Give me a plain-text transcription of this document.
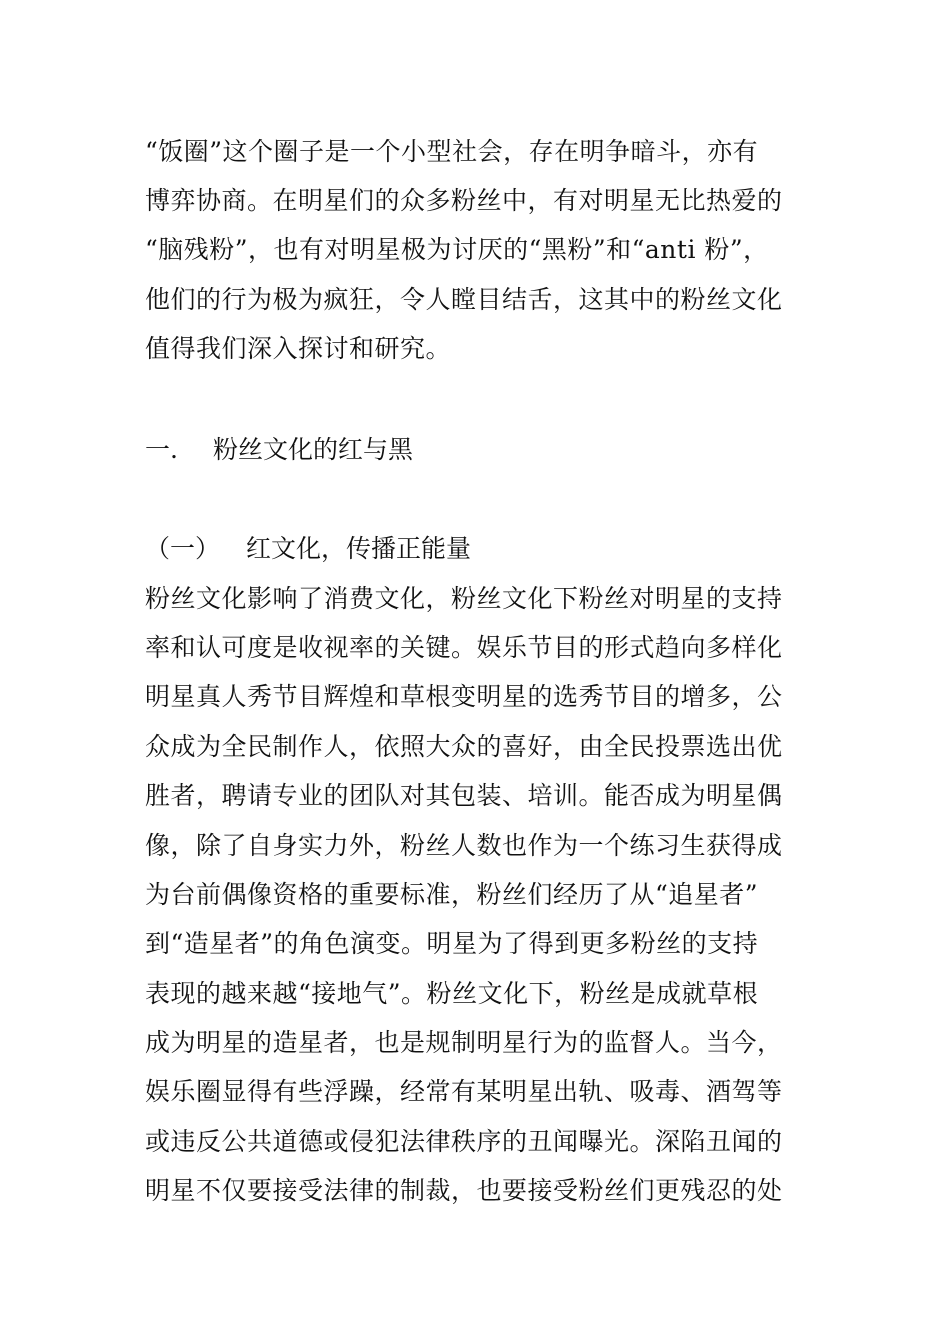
“饭圈”这个圈子是一个小型社会，存在明争暗斗，亦有
博弈协商。在明星们的众多粉丝中，有对明星无比热爱的
“脑残粉”，也有对明星极为讨厌的“黑粉”和“anti 粉”，
他们的行为极为疯狂，令人瞠目结舌，这其中的粉丝文化
值得我们深入探讨和研究。
一. 粉丝文化的红与黑
（一） 红文化，传播正能量
粉丝文化影响了消费文化，粉丝文化下粉丝对明星的支持
率和认可度是收视率的关键。娱乐节目的形式趋向多样化
明星真人秀节目辉煌和草根变明星的选秀节目的增多，公
众成为全民制作人，依照大众的喜好，由全民投票选出优
胜者，聘请专业的团队对其包装、培训。能否成为明星偶
像，除了自身实力外，粉丝人数也作为一个练习生获得成
为台前偶像资格的重要标准，粉丝们经历了从“追星者”
到“造星者”的角色演变。明星为了得到更多粉丝的支持
表现的越来越“接地气”。粉丝文化下，粉丝是成就草根
成为明星的造星者，也是规制明星行为的监督人。当今，
娱乐圈显得有些浮躁，经常有某明星出轨、吸毒、酒驾等
或违反公共道德或侵犯法律秩序的丑闻曝光。深陷丑闻的
明星不仅要接受法律的制裁，也要接受粉丝们更残忍的处
